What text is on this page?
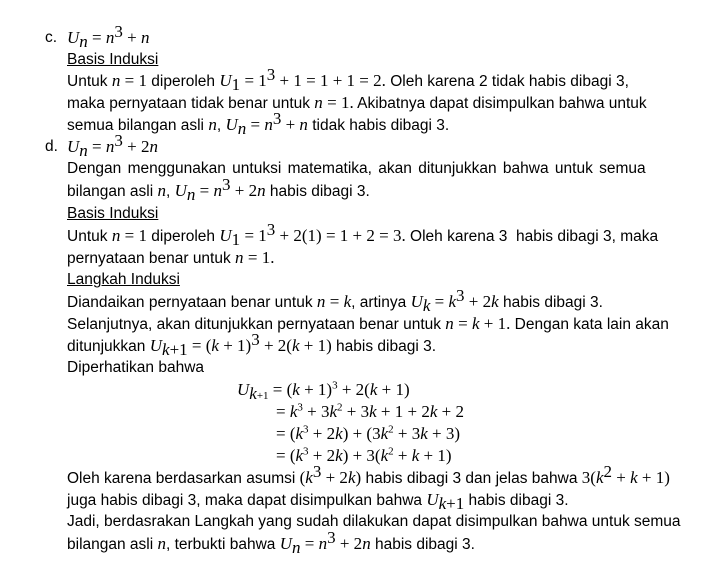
c. $U_n = n^3 + n$
Basis Induksi
Untuk n = 1 diperoleh $U_1 = 1^3 + 1 = 1 + 1 = 2$. Oleh karena 2 tidak habis dibagi 3,
maka pernyataan tidak benar untuk n = 1. Akibatnya dapat disimpulkan bahwa untuk
semua bilangan asli n, $U_n = n^3 + n$ tidak habis dibagi 3.
d. $U_n = n^3 + 2n$
Dengan menggunakan untuksi matematika, akan ditunjukkan bahwa untuk semua
bilangan asli n, $U_n = n^3 + 2n$ habis dibagi 3.
Basis Induksi
Untuk n = 1 diperoleh $U_1 = 1^3 + 2(1) = 1 + 2 = 3$. Oleh karena 3  habis dibagi 3, maka
pernyataan benar untuk n = 1.
Langkah Induksi
Diandaikan pernyataan benar untuk n = k, artinya $U_k = k^3 + 2k$ habis dibagi 3.
Selanjutnya, akan ditunjukkan pernyataan benar untuk n = k + 1. Dengan kata lain akan
ditunjukkan $U_{k+1} = (k + 1)^3 + 2(k + 1)$ habis dibagi 3.
Diperhatikan bahwa
$U_{k+1} = (k + 1)^3 + 2(k + 1)$
= $k^3 + 3k^2 + 3k + 1 + 2k + 2$
= $(k^3 + 2k) + (3k^2 + 3k + 3)$
= $(k^3 + 2k) + 3(k^2 + k + 1)$
Oleh karena berdasarkan asumsi $(k^3 + 2k)$ habis dibagi 3 dan jelas bahwa $3(k^2 + k + 1)$
juga habis dibagi 3, maka dapat disimpulkan bahwa $U_{k+1}$ habis dibagi 3.
Jadi, berdasrakan Langkah yang sudah dilakukan dapat disimpulkan bahwa untuk semua
bilangan asli n, terbukti bahwa $U_n = n^3 + 2n$ habis dibagi 3.
